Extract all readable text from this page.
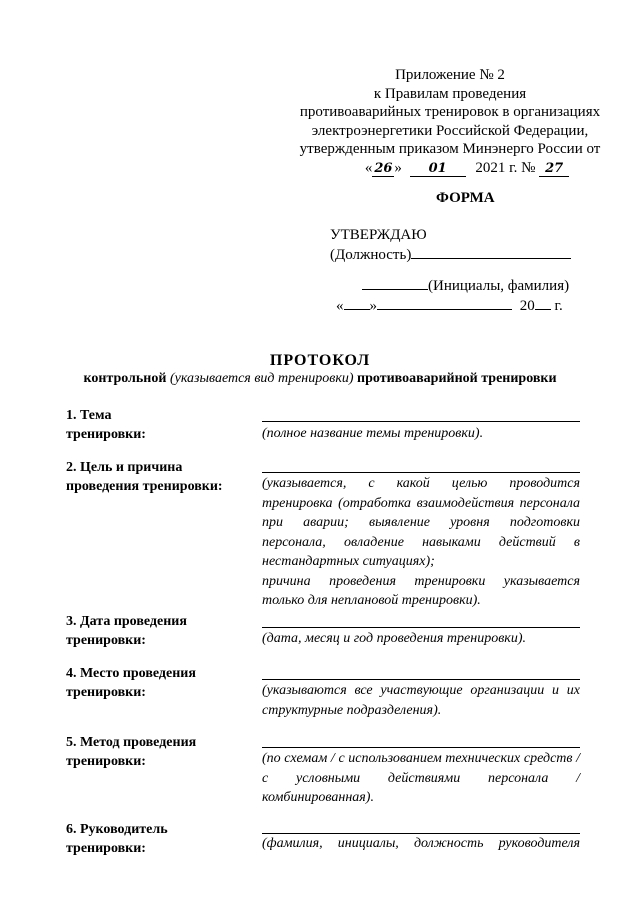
Приложение № 2
к Правилам проведения
противоаварийных тренировок в организациях
электроэнергетики Российской Федерации,
утвержденным приказом Минэнерго России от
« 26 » 01 2021 г. № 27
ФОРМА
УТВЕРЖДАЮ
(Должность)
(Инициалы, фамилия)
« »	20 г.
ПРОТОКОЛ
контрольной (указывается вид тренировки) противоаварийной тренировки
1. Тема
тренировки:	(полное название темы тренировки).
2. Цель и причина
проведения тренировки:	(указывается, с какой целью проводится тренировка (отработка взаимодействия персонала при аварии; выявление уровня подготовки персонала, овладение навыками действий в нестандартных ситуациях);
причина проведения тренировки указывается только для неплановой тренировки).
3. Дата проведения
тренировки:	(дата, месяц и год проведения тренировки).
4. Место проведения
тренировки:	(указываются все участвующие организации и их структурные подразделения).
5. Метод проведения
тренировки:	(по схемам / с использованием технических средств / с условными действиями персонала / комбинированная).
6. Руководитель
тренировки:	(фамилия, инициалы, должность руководителя
